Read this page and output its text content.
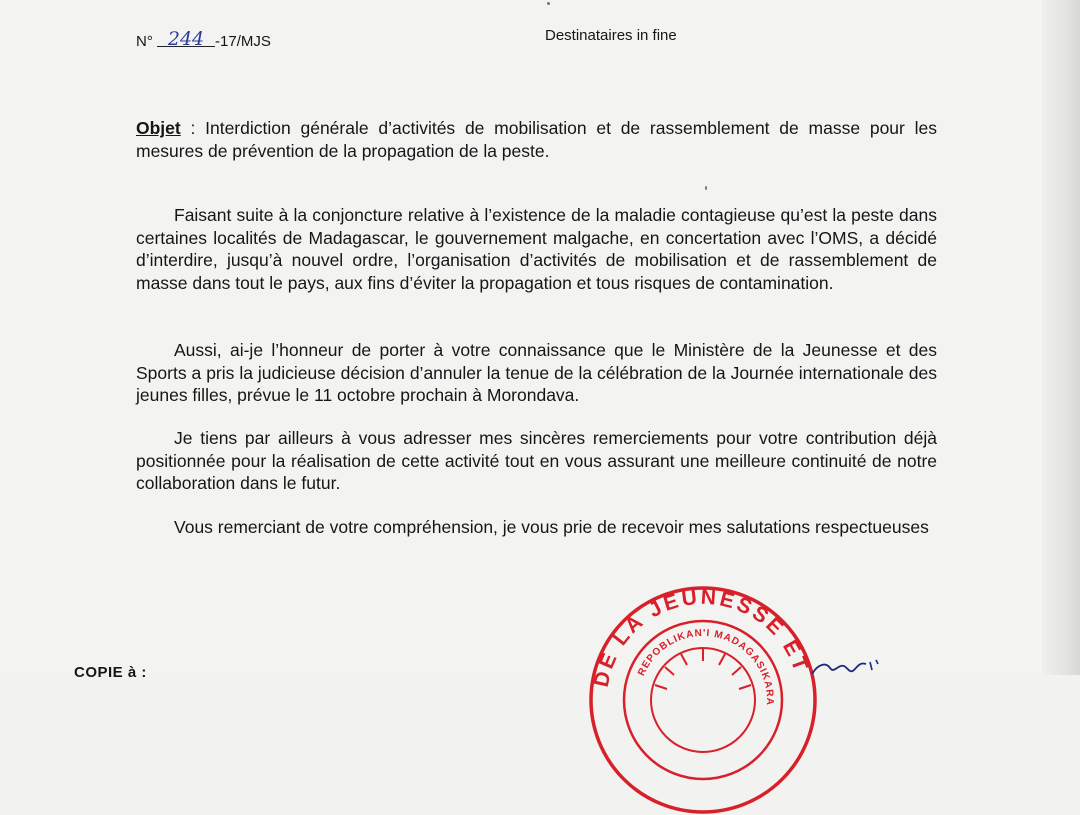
N° 244 -17/MJS	Destinataires in fine
Objet : Interdiction générale d’activités de mobilisation et de rassemblement de masse pour les mesures de prévention de la propagation de la peste.
Faisant suite à la conjoncture relative à l’existence de la maladie contagieuse qu’est la peste dans certaines localités de Madagascar, le gouvernement malgache, en concertation avec l’OMS, a décidé d’interdire, jusqu’à nouvel ordre, l’organisation d’activités de mobilisation et de rassemblement de masse dans tout le pays, aux fins d’éviter la propagation et tous risques de contamination.
Aussi, ai-je l’honneur de porter à votre connaissance que le Ministère de la Jeunesse et des Sports a pris la judicieuse décision d’annuler la tenue de la célébration de la Journée internationale des jeunes filles, prévue le 11 octobre prochain à Morondava.
Je tiens par ailleurs à vous adresser mes sincères remerciements pour votre contribution déjà positionnée pour la réalisation de cette activité tout en vous assurant une meilleure continuité de notre collaboration dans le futur.
Vous remerciant de votre compréhension, je vous prie de recevoir mes salutations respectueuses
COPIE à :	DE LA JEUNESSE ET
REPOBLIKAN'I MADAGASIKARA
